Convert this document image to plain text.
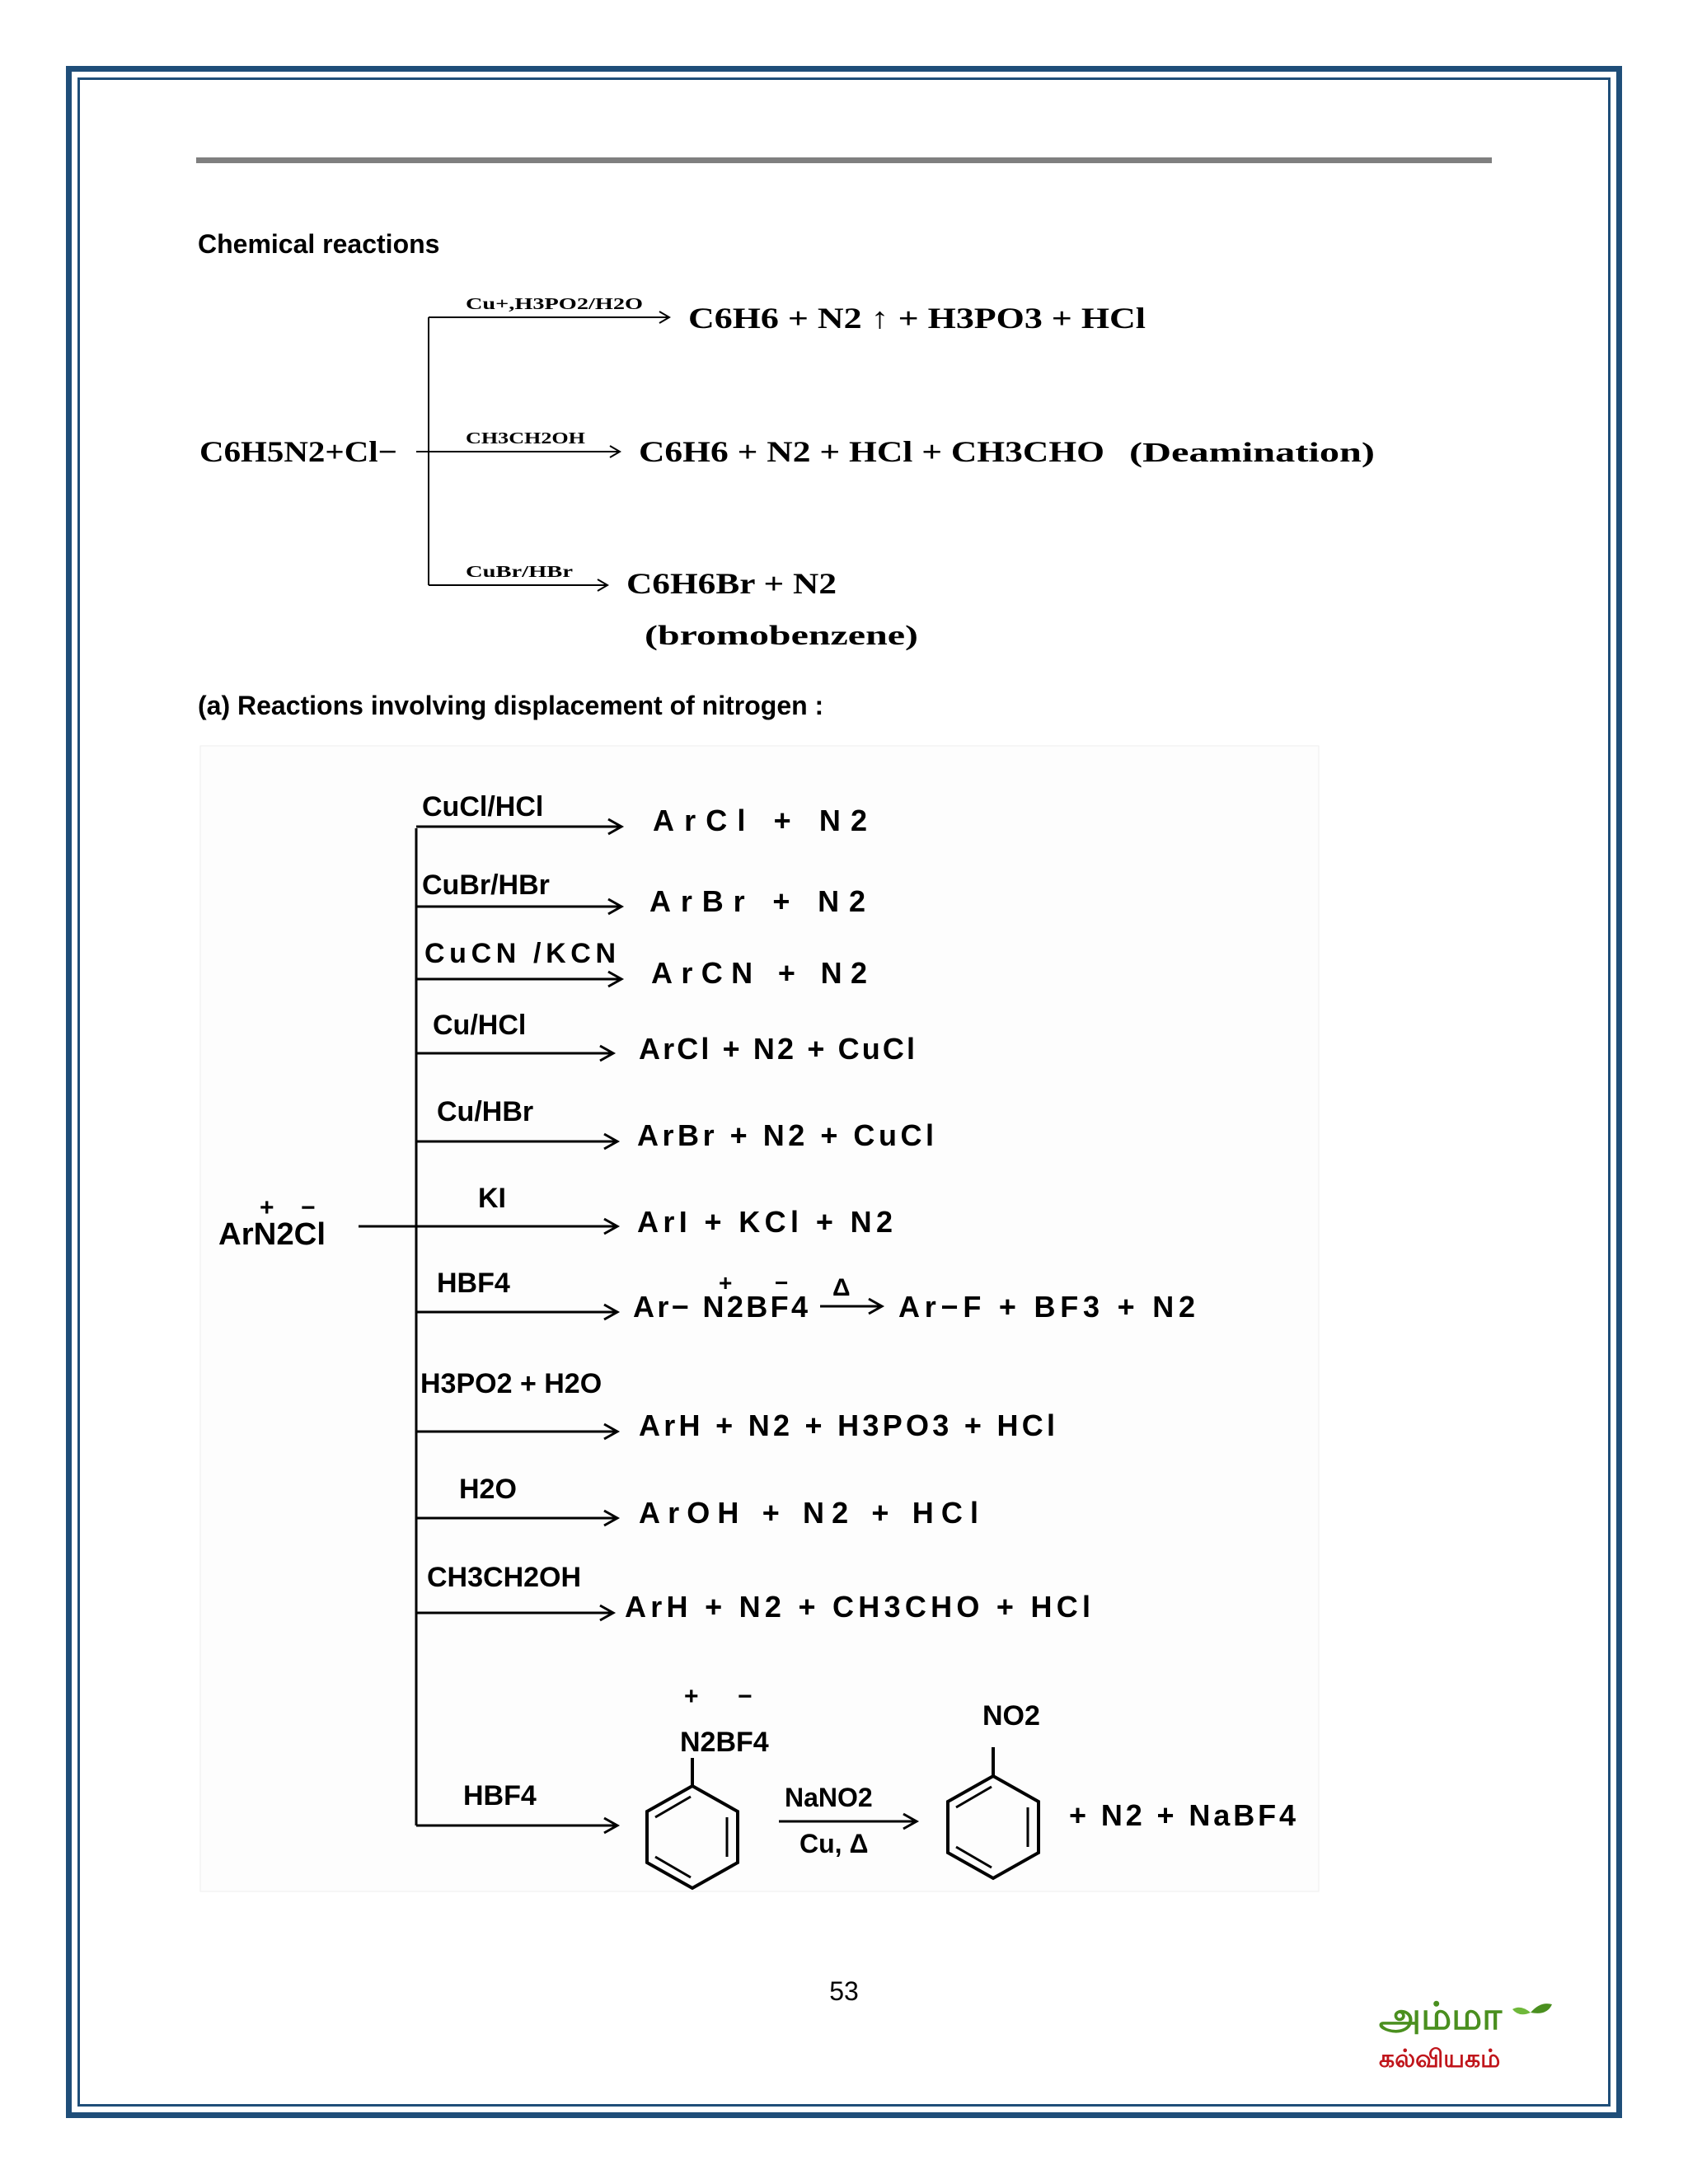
Chemical reactions
(a) Reactions involving displacement of nitrogen :
C6H5N2+Cl−
Cu+,H3PO2/H2O C6H6 + N2 ↑ + H3PO3 + HCl
CH3CH2OH C6H6 + N2 + HCl + CH3CHO (Deamination)
CuBr/HBr C6H6Br + N2
(bromobenzene)
ArN2Cl
+ −
CuCl/HCl	ArCl + N2
CuBr/HBr	ArBr + N2
CuCN /KCN
ArCN + N2
Cu/HCl
ArCl + N2 + CuCl
Cu/HBr
ArBr + N2 + CuCl
KI
ArI + KCl + N2
HBF4
Ar− N2BF4
+ − Δ
Ar−F + BF3 + N2
H3PO2 + H2O
ArH + N2 + H3PO3 + HCl
H2O
ArOH + N2 + HCl
CH3CH2OH
ArH + N2 + CH3CHO + HCl
HBF4
N2BF4
+ −
NaNO2
Cu, Δ
NO2
+ N2 + NaBF4
53
அம்மா
கல்வியகம்
